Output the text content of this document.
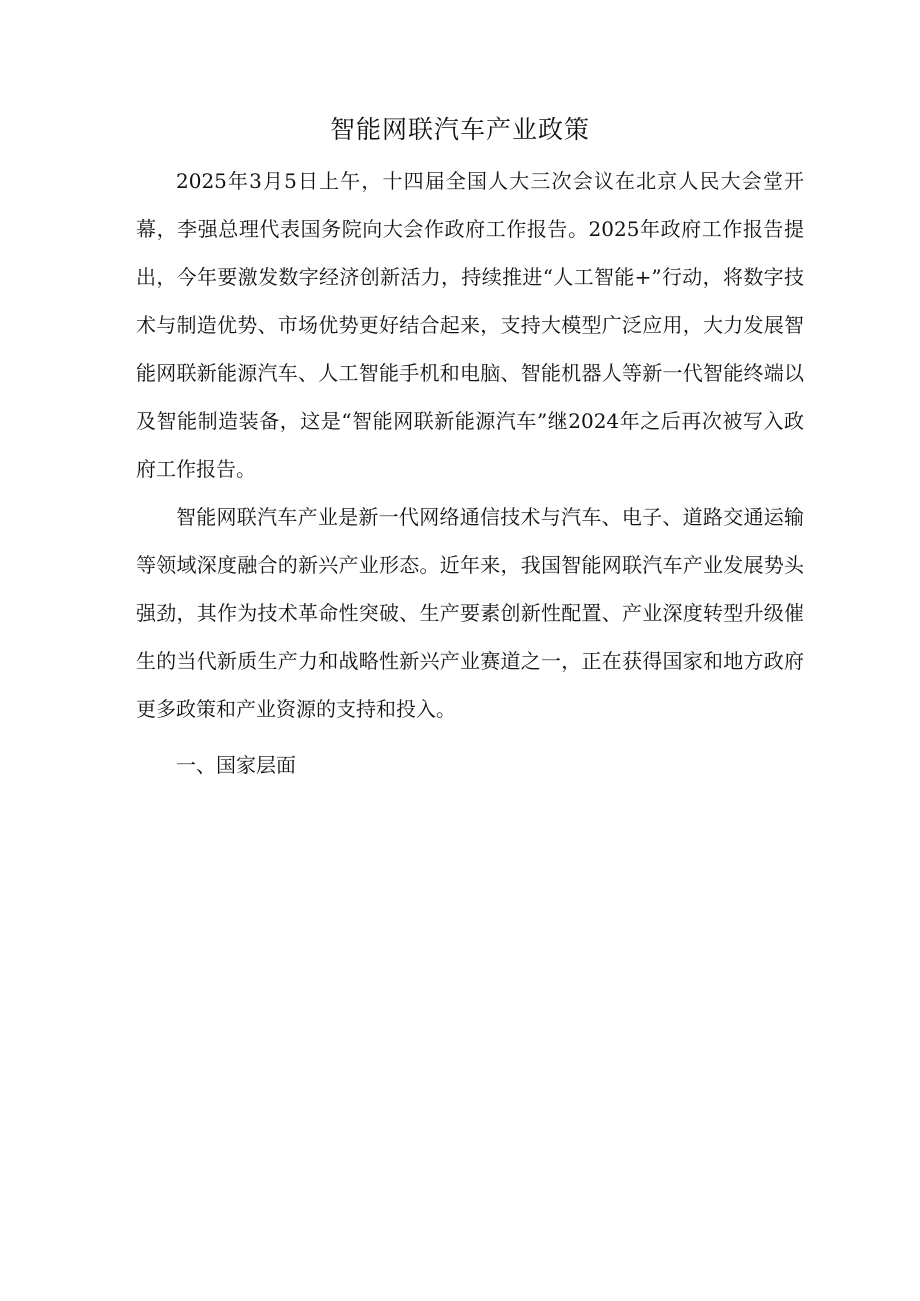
智能网联汽车产业政策

2025年3月5日上午，十四届全国人大三次会议在北京人民大会堂开幕，李强总理代表国务院向大会作政府工作报告。2025年政府工作报告提出，今年要激发数字经济创新活力，持续推进“人工智能+”行动，将数字技术与制造优势、市场优势更好结合起来，支持大模型广泛应用，大力发展智能网联新能源汽车、人工智能手机和电脑、智能机器人等新一代智能终端以及智能制造装备，这是“智能网联新能源汽车”继2024年之后再次被写入政府工作报告。

智能网联汽车产业是新一代网络通信技术与汽车、电子、道路交通运输等领域深度融合的新兴产业形态。近年来，我国智能网联汽车产业发展势头强劲，其作为技术革命性突破、生产要素创新性配置、产业深度转型升级催生的当代新质生产力和战略性新兴产业赛道之一，正在获得国家和地方政府更多政策和产业资源的支持和投入。

一、国家层面
